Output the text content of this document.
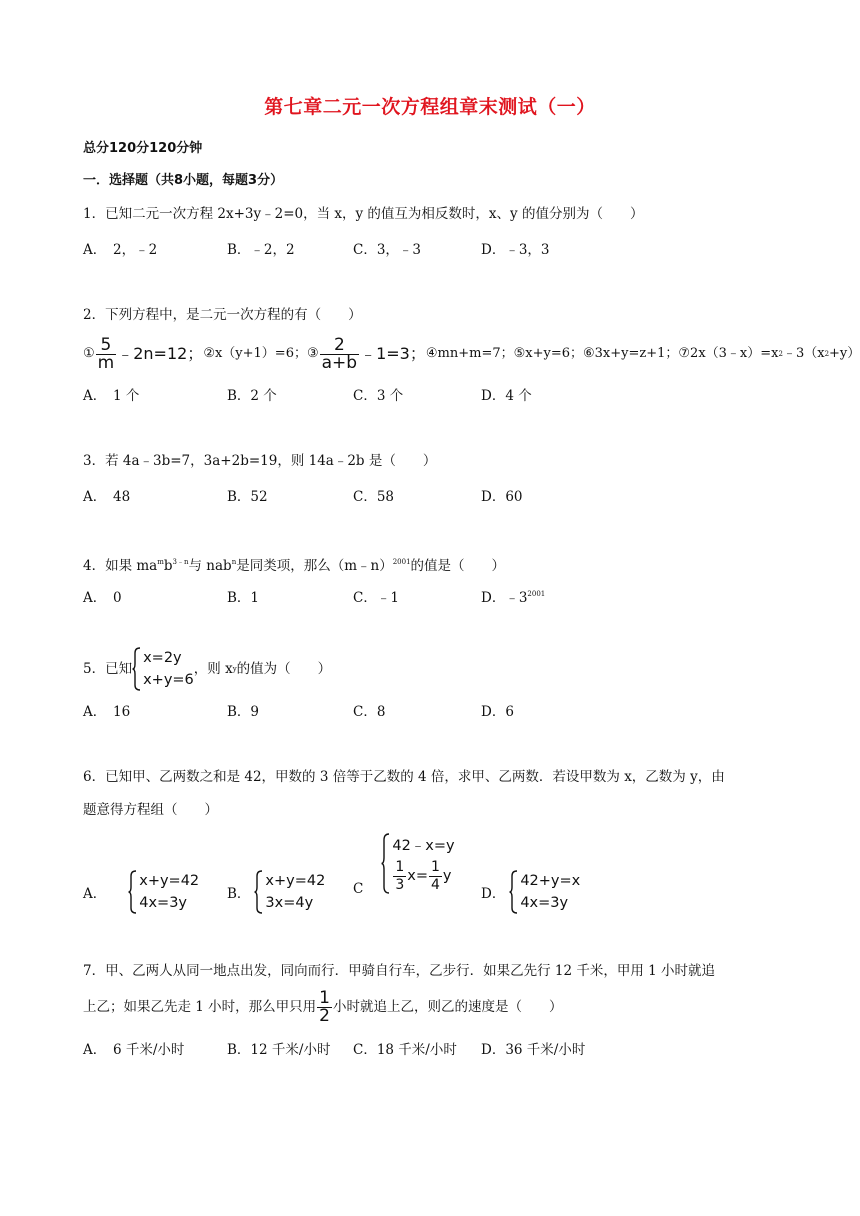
第七章二元一次方程组章末测试（一）
总分120分120分钟
一．选择题（共8小题，每题3分）
1．已知二元一次方程 2x+3y﹣2=0，当 x，y 的值互为相反数时，x、y 的值分别为（　　）
A．　2，﹣2	B．﹣2，2	C．3，﹣3	D．﹣3，3
2．下列方程中，是二元一次方程的有（　　）
① $\frac{5}{m}$ ﹣2n=12； ②x（y+1）=6； ③ $\frac{2}{a+b}$ ﹣1=3； ④mn+m=7；⑤x+y=6；⑥3x+y=z+1；⑦2x（3﹣x）=x 2 ﹣3（x 2 +y）
A．　1 个	B．2 个	C．3 个	D．4 个
3．若 4a﹣3b=7，3a+2b=19，则 14a﹣2b 是（　　）
A．　48	B．52	C．58	D．60
4．如果 $ma^mb^{3﹣n}$与 nab$^n$是同类项，那么（m﹣n）$^{2001}$的值是（　　）
A．　0	B．1	C．﹣1	D．$﹣3^{2001}$
5．已知
x=2y
x+y=6
，则 x y 的值为（　　）
A．　16	B．9	C．8	D．6
6．已知甲、乙两数之和是 42，甲数的 3 倍等于乙数的 4 倍，求甲、乙两数．若设甲数为 x，乙数为 y，由
题意得方程组（　　）
A．
x+y=42
4x=3y
B．
x+y=42
3x=4y
C
42﹣x=y
$\frac{1}{3} x= \frac{1}{4}$ y
D．
42+y=x
4x=3y
7．甲、乙两人从同一地点出发，同向而行．甲骑自行车，乙步行．如果乙先行 12 千米，甲用 1 小时就追
上乙；如果乙先走 1 小时，那么甲只用 $\frac{1}{2}$ 小时就追上乙，则乙的速度是（　　）
A．　6 千米/小时	B．12 千米/小时 C．18 千米/小时 D．36 千米/小时
